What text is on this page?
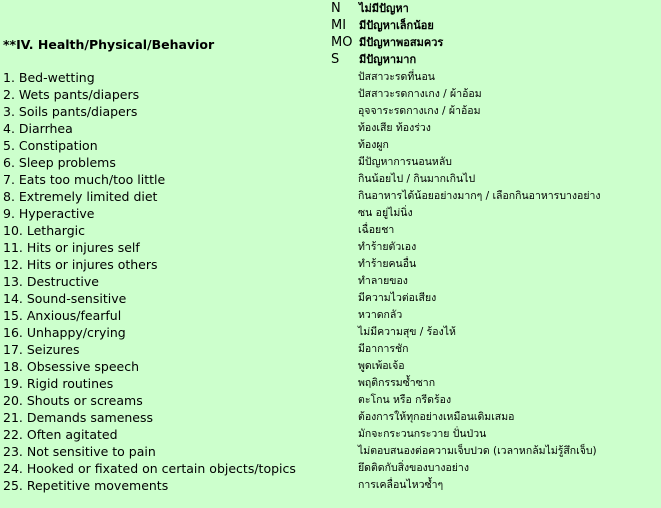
N ไม่มีปัญหา
MI มีปัญหาเล็กน้อย
MO มีปัญหาพอสมควร
S มีปัญหามาก
**IV. Health/Physical/Behavior
1. Bed-wetting	ปัสสาวะรดที่นอน
2. Wets pants/diapers	ปัสสาวะรดกางเกง / ผ้าอ้อม
3. Soils pants/diapers	อุจจาระรดกางเกง / ผ้าอ้อม
4. Diarrhea	ท้องเสีย ท้องร่วง
5. Constipation	ท้องผูก
6. Sleep problems	มีปัญหาการนอนหลับ
7. Eats too much/too little	กินน้อยไป / กินมากเกินไป
8. Extremely limited diet	กินอาหารได้น้อยอย่างมากๆ / เลือกกินอาหารบางอย่าง
9. Hyperactive	ซน อยู่ไม่นิ่ง
10. Lethargic	เฉื่อยชา
11. Hits or injures self	ทำร้ายตัวเอง
12. Hits or injures others	ทำร้ายคนอื่น
13. Destructive	ทำลายของ
14. Sound-sensitive	มีความไวต่อเสียง
15. Anxious/fearful	หวาดกลัว
16. Unhappy/crying	ไม่มีความสุข / ร้องไห้
17. Seizures	มีอาการชัก
18. Obsessive speech	พูดเพ้อเจ้อ
19. Rigid routines	พฤติกรรมซ้ำซาก
20. Shouts or screams	ตะโกน หรือ กรีดร้อง
21. Demands sameness	ต้องการให้ทุกอย่างเหมือนเดิมเสมอ
22. Often agitated	มักจะกระวนกระวาย ปั่นป่วน
23. Not sensitive to pain	ไม่ตอบสนองต่อความเจ็บปวด (เวลาหกล้มไม่รู้สึกเจ็บ)
24. Hooked or fixated on certain objects/topics	ยึดติดกับสิ่งของบางอย่าง
25. Repetitive movements	การเคลื่อนไหวซ้ำๆ
